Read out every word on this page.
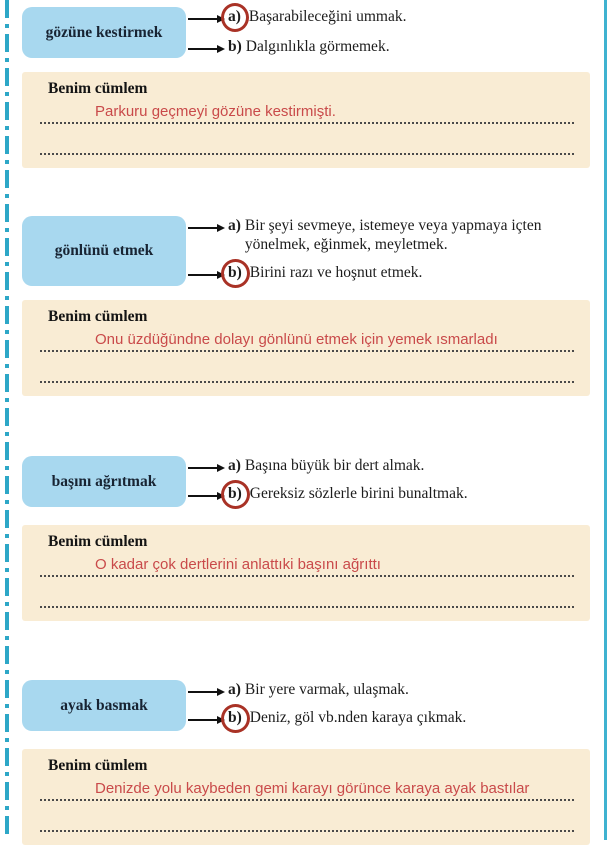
gözüne kestirmek
a) Başarabileceğini ummak.
b) Dalgınlıkla görmemek.
Benim cümlem
Parkuru geçmeyi gözüne kestirmişti.
gönlünü etmek
a) Bir şeyi sevmeye, istemeye veya yapmaya içten yönelmek, eğinmek, meyletmek.
b) Birini razı ve hoşnut etmek.
Benim cümlem
Onu üzdüğündne dolayı gönlünü etmek için yemek ısmarladı
başını ağrıtmak
a) Başına büyük bir dert almak.
b) Gereksiz sözlerle birini bunaltmak.
Benim cümlem
O kadar çok dertlerini anlattıki başını ağrıttı
ayak basmak
a) Bir yere varmak, ulaşmak.
b) Deniz, göl vb.nden karaya çıkmak.
Benim cümlem
Denizde yolu kaybeden gemi karayı görünce karaya ayak bastılar
